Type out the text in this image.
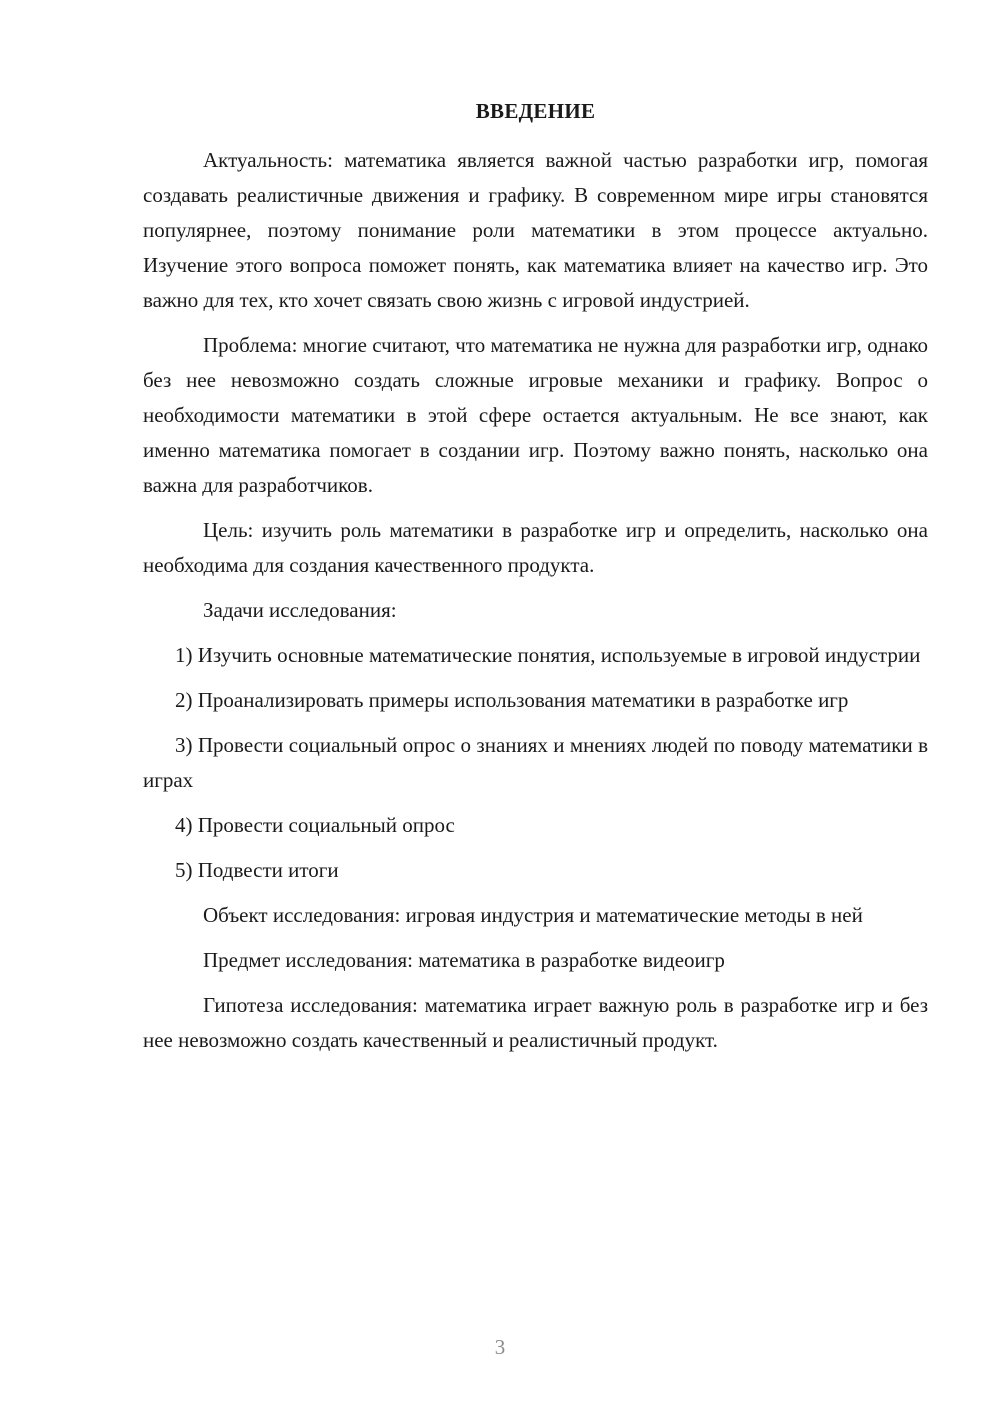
ВВЕДЕНИЕ

Актуальность: математика является важной частью разработки игр, помогая создавать реалистичные движения и графику. В современном мире игры становятся популярнее, поэтому понимание роли математики в этом процессе актуально. Изучение этого вопроса поможет понять, как математика влияет на качество игр. Это важно для тех, кто хочет связать свою жизнь с игровой индустрией.

Проблема: многие считают, что математика не нужна для разработки игр, однако без нее невозможно создать сложные игровые механики и графику. Вопрос о необходимости математики в этой сфере остается актуальным. Не все знают, как именно математика помогает в создании игр. Поэтому важно понять, насколько она важна для разработчиков.

Цель: изучить роль математики в разработке игр и определить, насколько она необходима для создания качественного продукта.

Задачи исследования:

1) Изучить основные математические понятия, используемые в игровой индустрии

2) Проанализировать примеры использования математики в разработке игр

3) Провести социальный опрос о знаниях и мнениях людей по поводу математики в играх

4) Провести социальный опрос

5) Подвести итоги

Объект исследования: игровая индустрия и математические методы в ней

Предмет исследования: математика в разработке видеоигр

Гипотеза исследования: математика играет важную роль в разработке игр и без нее невозможно создать качественный и реалистичный продукт.

3
